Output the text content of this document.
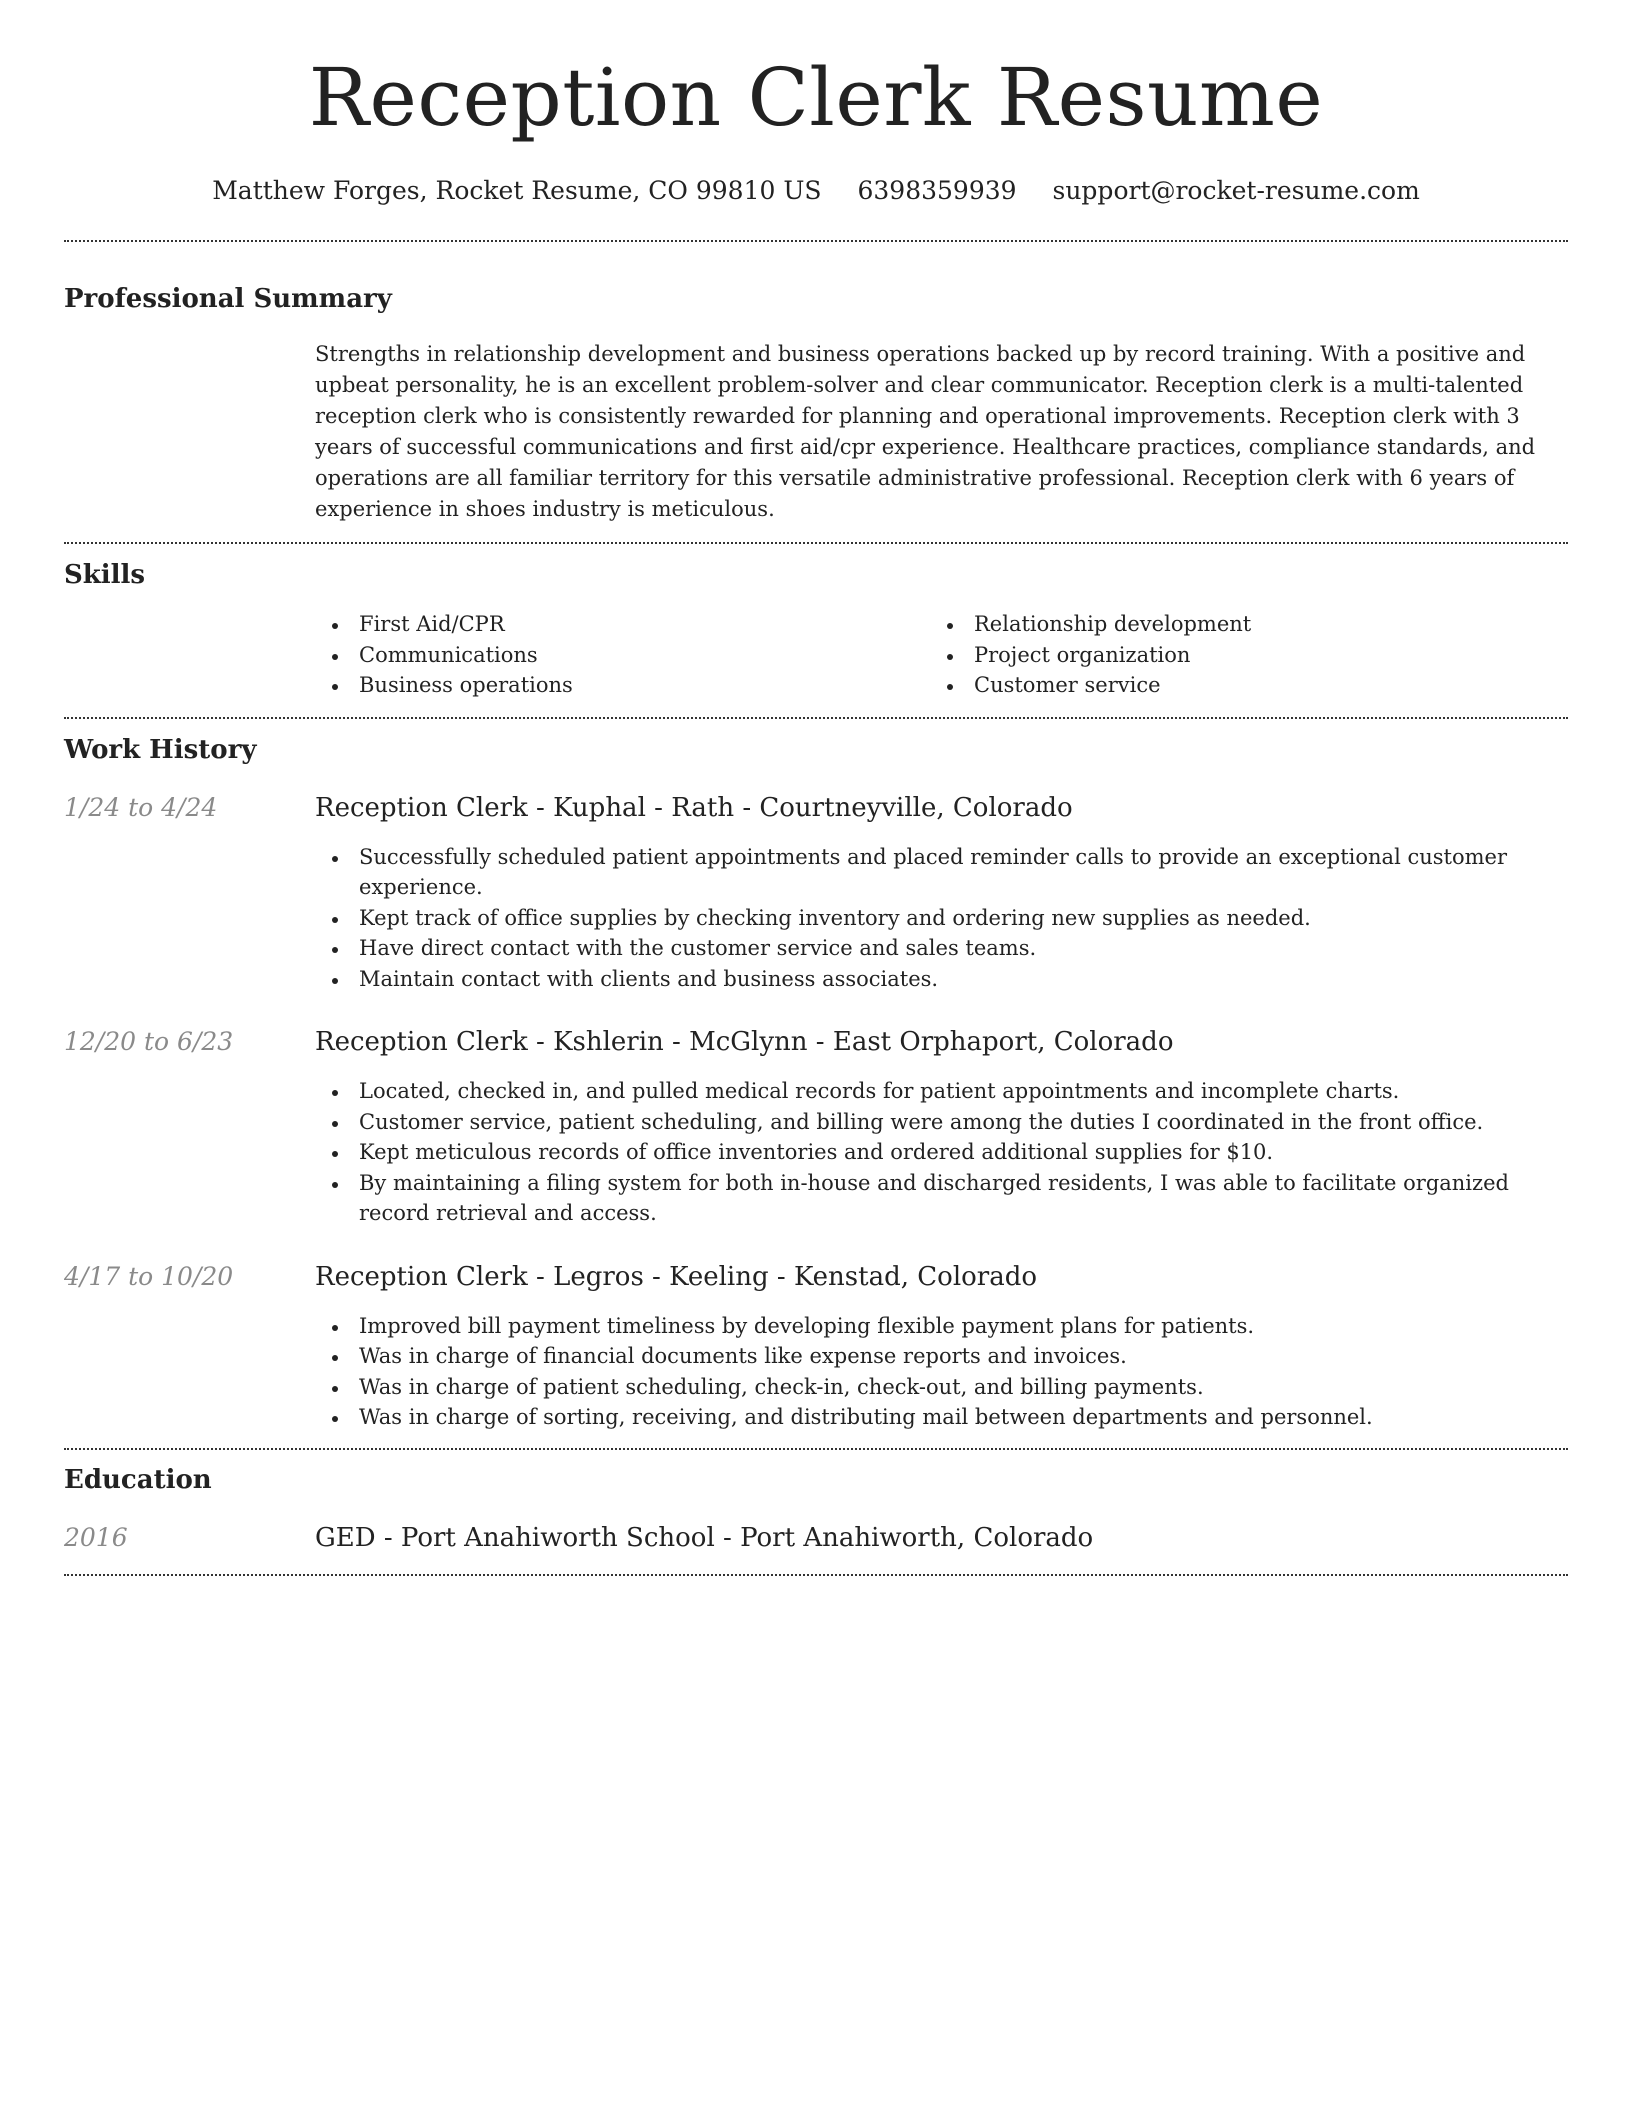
Reception Clerk Resume
Matthew Forges, Rocket Resume, CO 99810 US 6398359939 support@rocket-resume.com
Professional Summary

Strengths in relationship development and business operations backed up by record training. With a positive and upbeat personality, he is an excellent problem-solver and clear communicator. Reception clerk is a multi-talented reception clerk who is consistently rewarded for planning and operational improvements. Reception clerk with 3 years of successful communications and first aid/cpr experience. Healthcare practices, compliance standards, and operations are all familiar territory for this versatile administrative professional. Reception clerk with 6 years of experience in shoes industry is meticulous.

Skills
First Aid/CPR
Communications
Business operations
Relationship development
Project organization
Customer service
Work History
1/24 to 4/24	Reception Clerk - Kuphal - Rath - Courtneyville, Colorado
Successfully scheduled patient appointments and placed reminder calls to provide an exceptional customer experience.
Kept track of office supplies by checking inventory and ordering new supplies as needed.
Have direct contact with the customer service and sales teams.
Maintain contact with clients and business associates.
12/20 to 6/23	Reception Clerk - Kshlerin - McGlynn - East Orphaport, Colorado
Located, checked in, and pulled medical records for patient appointments and incomplete charts.
Customer service, patient scheduling, and billing were among the duties I coordinated in the front office.
Kept meticulous records of office inventories and ordered additional supplies for $10.
By maintaining a filing system for both in-house and discharged residents, I was able to facilitate organized record retrieval and access.
4/17 to 10/20	Reception Clerk - Legros - Keeling - Kenstad, Colorado
Improved bill payment timeliness by developing flexible payment plans for patients.
Was in charge of financial documents like expense reports and invoices.
Was in charge of patient scheduling, check-in, check-out, and billing payments.
Was in charge of sorting, receiving, and distributing mail between departments and personnel.
Education
2016	GED - Port Anahiworth School - Port Anahiworth, Colorado
